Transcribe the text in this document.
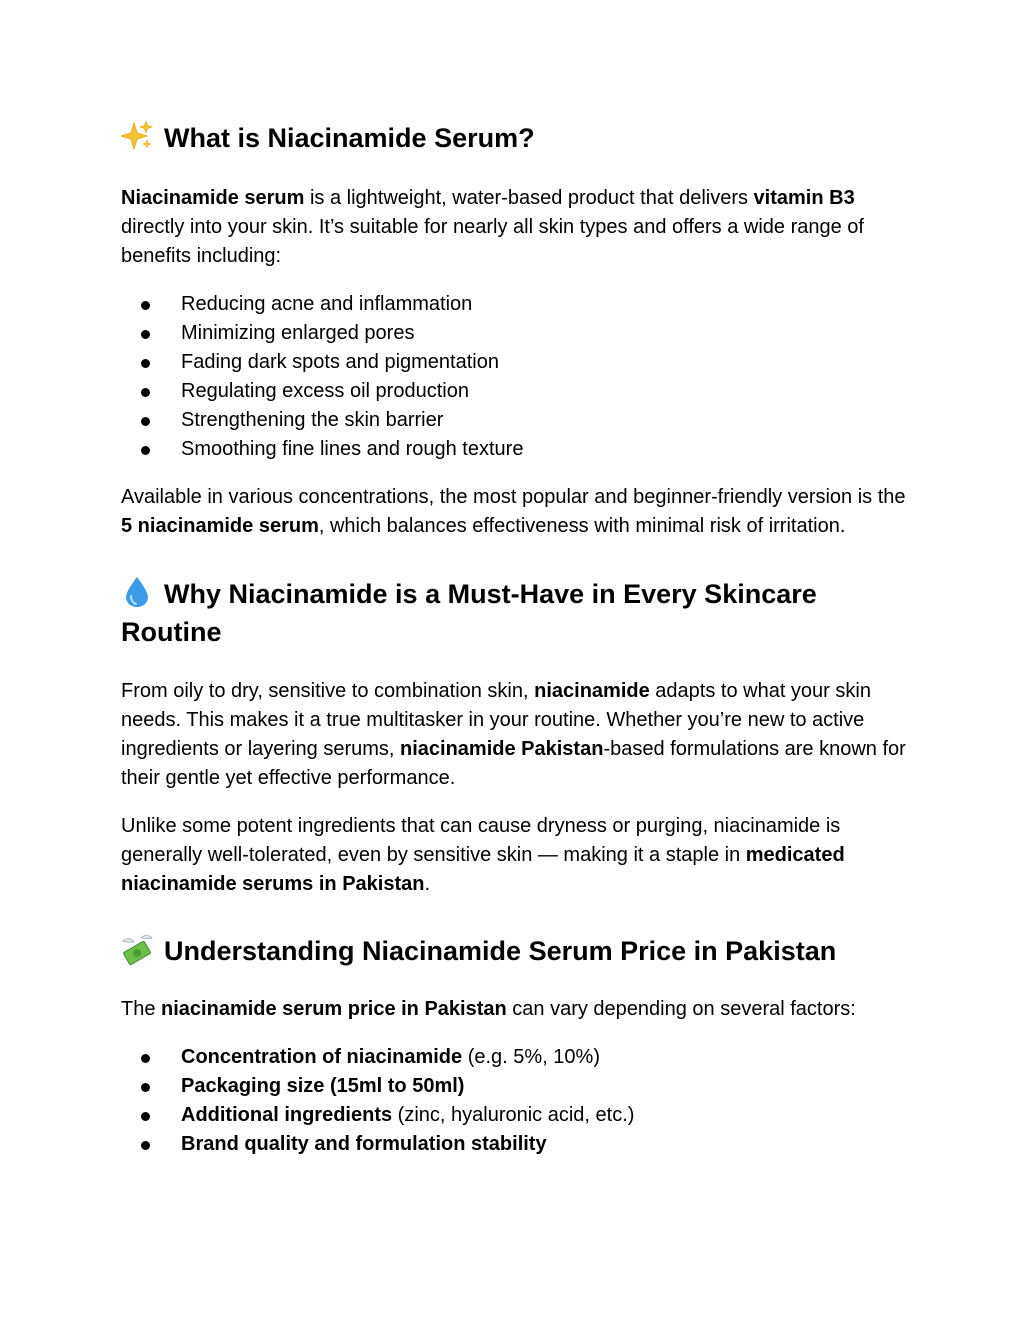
What is Niacinamide Serum?

Niacinamide serum is a lightweight, water-based product that delivers vitamin B3 directly into your skin. It’s suitable for nearly all skin types and offers a wide range of benefits including:

Reducing acne and inflammation
Minimizing enlarged pores
Fading dark spots and pigmentation
Regulating excess oil production
Strengthening the skin barrier
Smoothing fine lines and rough texture

Available in various concentrations, the most popular and beginner-friendly version is the 5 niacinamide serum, which balances effectiveness with minimal risk of irritation.

Why Niacinamide is a Must-Have in Every Skincare Routine

From oily to dry, sensitive to combination skin, niacinamide adapts to what your skin needs. This makes it a true multitasker in your routine. Whether you’re new to active ingredients or layering serums, niacinamide Pakistan-based formulations are known for their gentle yet effective performance.

Unlike some potent ingredients that can cause dryness or purging, niacinamide is generally well-tolerated, even by sensitive skin — making it a staple in medicated niacinamide serums in Pakistan.

Understanding Niacinamide Serum Price in Pakistan

The niacinamide serum price in Pakistan can vary depending on several factors:

Concentration of niacinamide (e.g. 5%, 10%)
Packaging size (15ml to 50ml)
Additional ingredients (zinc, hyaluronic acid, etc.)
Brand quality and formulation stability
